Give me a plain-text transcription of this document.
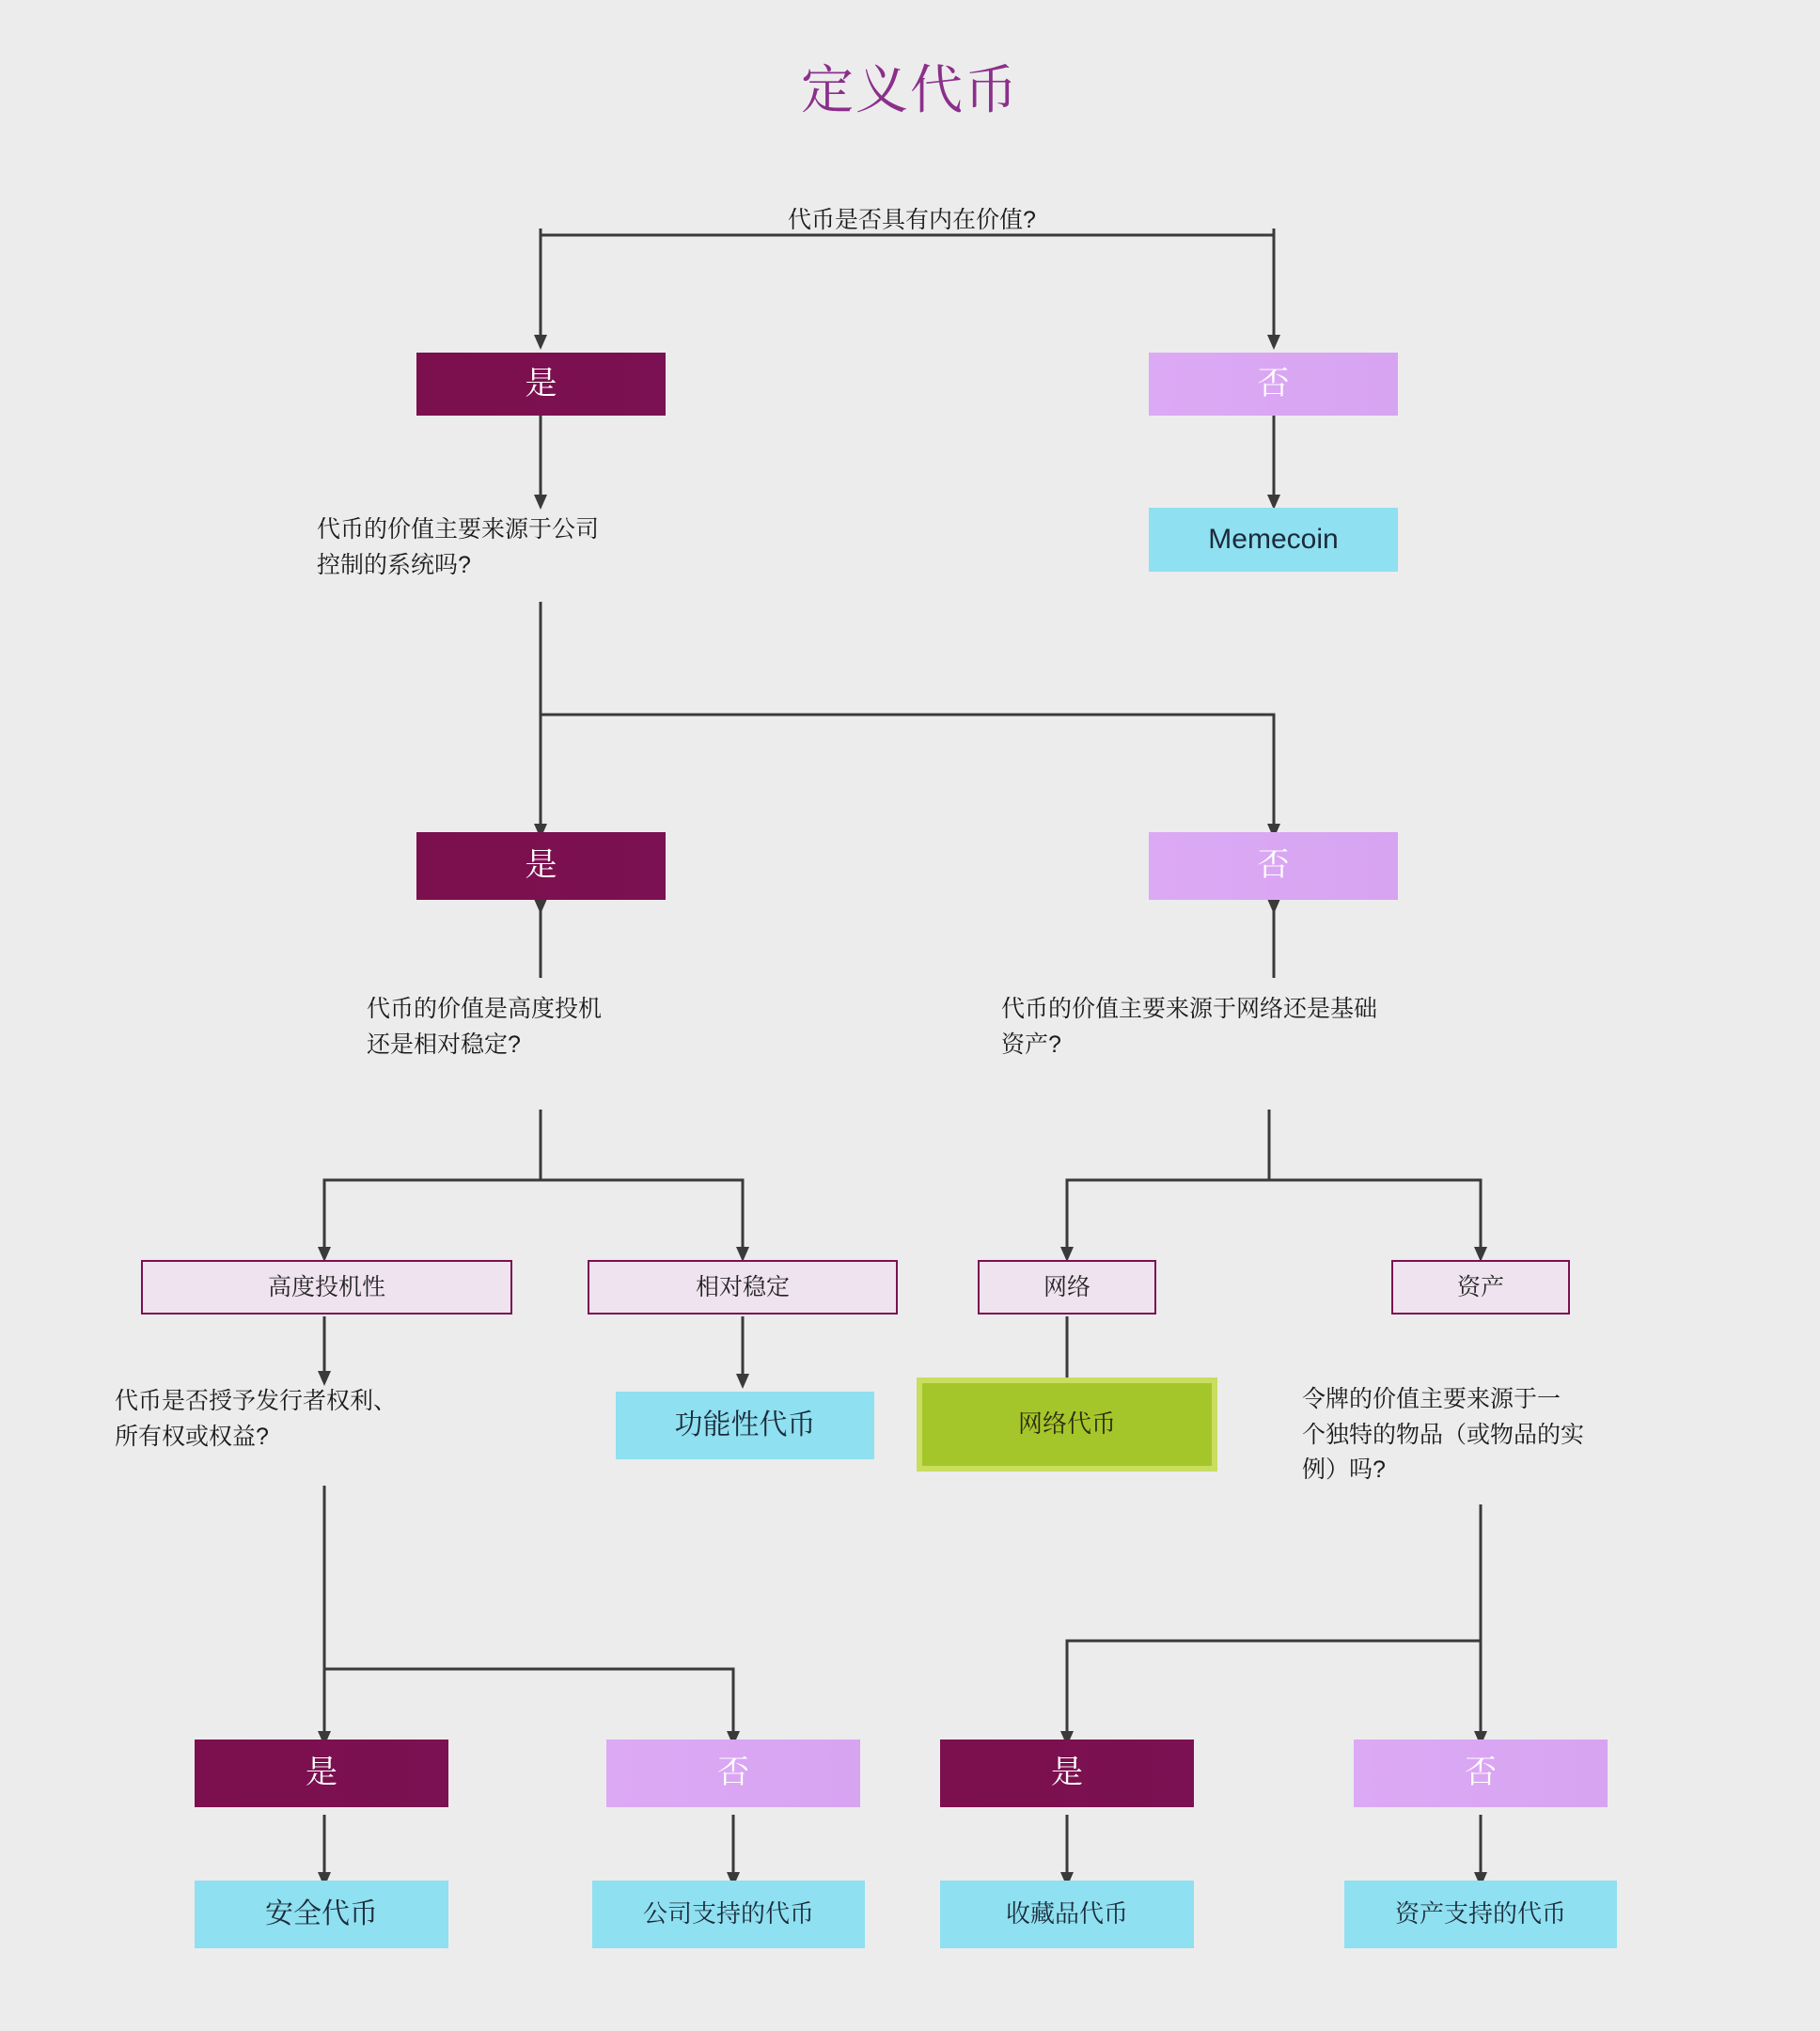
定义代币
代币是否具有内在价值?
是	否
Memecoin
代币的价值主要来源于公司
控制的系统吗?
是	否
代币的价值是高度投机
还是相对稳定?
代币的价值主要来源于网络还是基础
资产?
高度投机性	相对稳定	网络	资产
代币是否授予发行者权利、
所有权或权益?	功能性代币	网络代币
令牌的价值主要来源于一
个独特的物品（或物品的实
例）吗?
是	否	是	否
安全代币	公司支持的代币	收藏品代币	资产支持的代币
